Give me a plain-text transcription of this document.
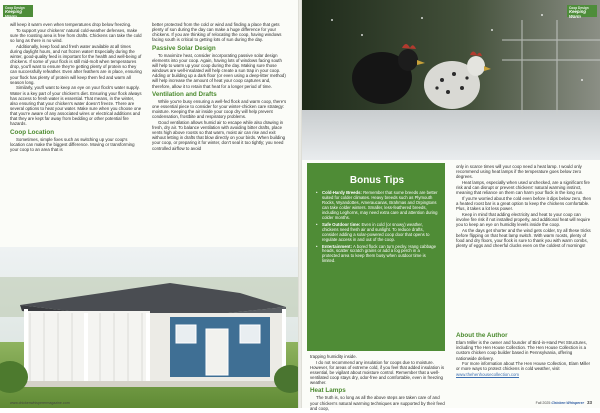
Coop Design
Keeping Warm

will keep it warm even when temperatures drop below freezing.

To support your chickens' natural cold-weather defenses, make sure the roosting area is free from drafts. Chickens can take the cold so long as there is no wind.

Additionally, keep food and fresh water available at all times during daylight hours, and not frozen water! Especially during the winter, good-quality feed is important for the health and well-being of chickens. If some of your flock is still mid-molt when temperatures drop, you'll want to ensure they're getting plenty of protein so they can successfully refeather. Even after feathers are in place, ensuring your flock has plenty of protein will keep them fed and warm all season long.

Similarly, you'll want to keep an eye on your flock's water supply. Water is a key part of your chicken's diet. Ensuring your flock always has access to fresh water is essential. That means, in the winter, also ensuring that your chicken's water doesn't freeze. There are several options to heat your water. Make sure when you choose one that you're aware of any associated wires or electrical additions and that they are kept far away from bedding or other potential fire hazards.

Coop Location

Sometimes, simple fixes such as switching up your coop's location can make the biggest difference. Moving or transforming your coop to an area that is

better protected from the cold or wind and finding a place that gets plenty of sun during the day can make a huge difference for your chickens. If you are thinking of relocating the coop, having windows facing south is critical to getting lots of sun during the day.

Passive Solar Design

To maximize heat, consider incorporating passive solar design elements into your coop. Again, having lots of windows facing south will help to warm up your coop during the day. Making sure those windows are well-insulated will help create a sun trap in your coop. Adding or building up a dark floor (or even using a deep-litter method) will help increase the amount of heat your coop captures and, therefore, allow it to retain that heat for a longer period of time.

Ventilation and Drafts

While you're busy ensuring a well-fed flock and warm coop, there's one essential piece to consider for your winter-chicken care strategy: moisture. Keeping the air inside your coop dry will help prevent condensation, frostbite and respiratory problems.

Good ventilation allows humid air to escape while also drawing in fresh, dry air. To balance ventilation with avoiding bitter drafts, place vents high above roosts so that warm, moist air can rise and exit without letting in drafts that blow directly on your birds. When building your coop, or preparing it for winter, don't seal it too tightly; you need controlled airflow to avoid

www.chickenwhisperermagazine.com
Coop Design
Keeping Warm
Bonus Tips
• Cold-Hardy Breeds: Remember that some breeds are better suited for colder climates. Heavy breeds such as Plymouth Rocks, Wyandottes, Ameraucanas, Brahmas and Orpingtons can take colder winters. Smaller, less-feathered breeds, including Leghorns, may need extra care and attention during colder months.
• Safe Outdoor time: Even in cold (or snowy) weather, chickens need fresh air and sunlight. To reduce drafts, consider adding a solar-powered coop door that opens to regulate access in and out of the coop.
• Entertainment: A bored flock can turn pecky. Hang cabbage heads, scatter scratch grains or add a log perch in a protected area to keep them busy when outdoor time is limited.

only in scarce times will your coop need a heat lamp. I would only recommend using heat lamps if the temperature goes below zero degrees.

Heat lamps, especially when used unchecked, are a significant fire risk and can disrupt or prevent chickens' natural warming instinct, meaning that reliance on them can harm your flock in the long run.

If you're worried about the cold even before it dips below zero, then a heated roost bar is a great option to keep the chickens comfortable. Plus, it takes a lot less power.

Keep in mind that adding electricity and heat to your coop can involve fire risk if not installed properly, and additional heat will require you to keep an eye on humidity levels inside the coop.

As the days get shorter and the wind gets colder, try all these tricks before flipping on that heat lamp switch. With warm roosts, plenty of food and dry floors, your flock is sure to thank you with warm combs, plenty of eggs and cheerful clucks even on the coldest of mornings!

trapping humidity inside.

I do not recommend any insulation for coops due to moisture. However, for areas of extreme cold, if you feel that added insulation is essential, be vigilant about moisture control. Remember that a well-ventilated coop stays dry, odor-free and comfortable, even in freezing weather.

Heat Lamps

The truth is, so long as all the above steps are taken care of and your chicken's natural warming techniques are supported by their feed and coop,

About the Author

Elam Miller is the owner and founder of Bird-in-Hand Pet Structures, including The Hen House Collection. The Hen House Collection is a custom chicken coop builder based in Pennsylvania, offering nationwide delivery.

For more information about The Hen House Collection, Elam Miller or more ways to protect chickens in cold weather, visit www.thehenhousecollection.com

Fall 2025 Chicken Whisperer 33
